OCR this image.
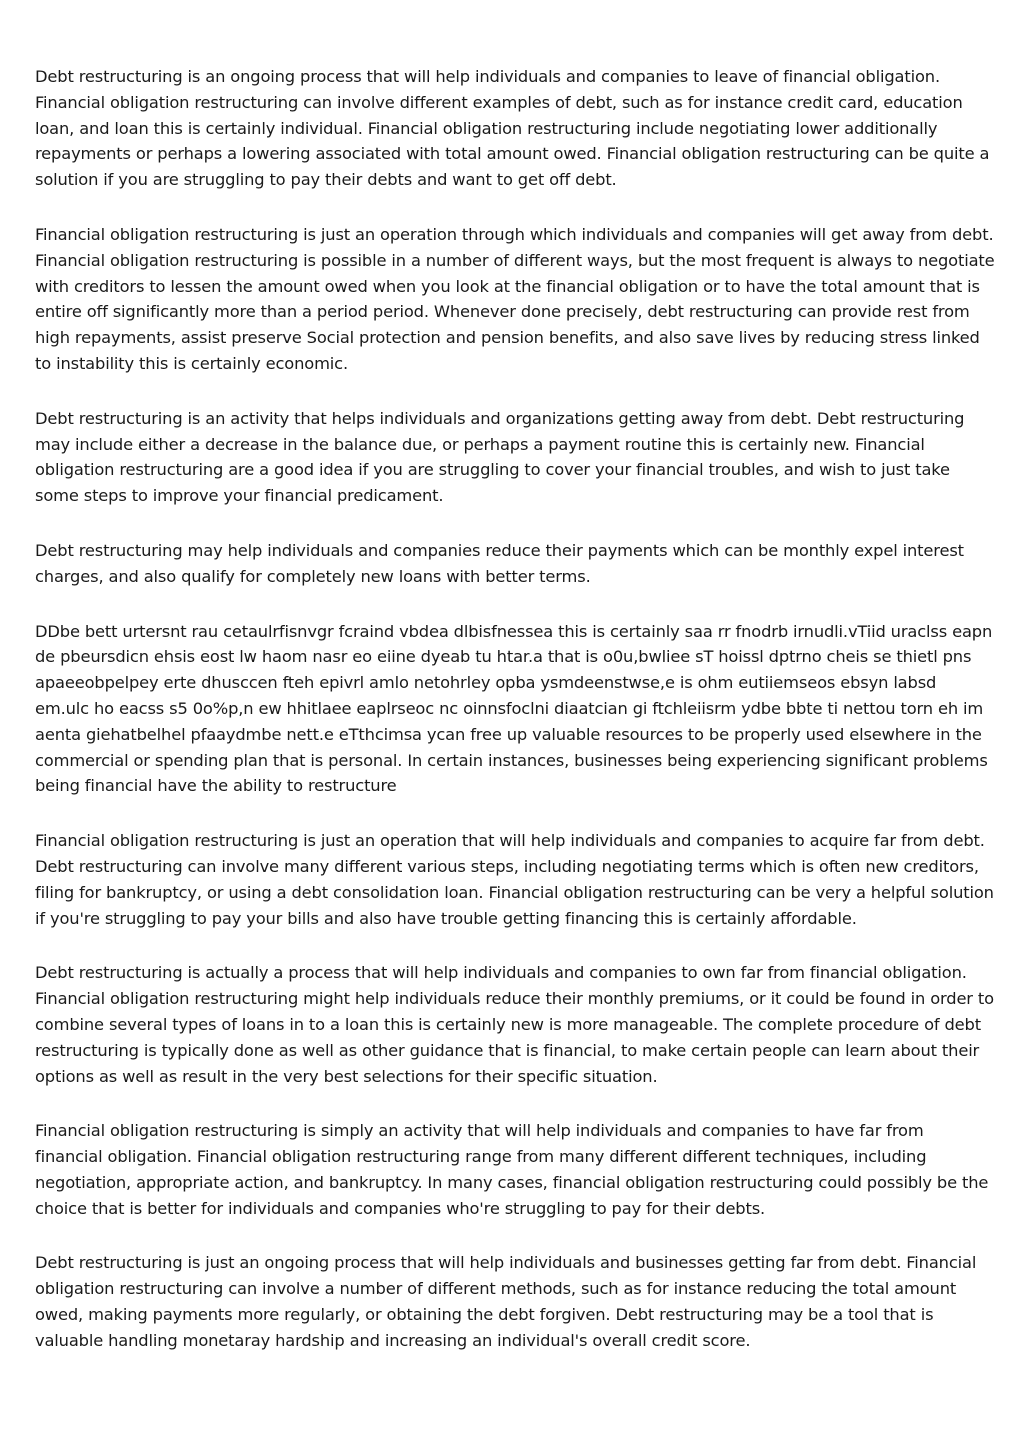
Debt restructuring is an ongoing process that will help individuals and companies to leave of financial obligation. Financial obligation restructuring can involve different examples of debt, such as for instance credit card, education loan, and loan this is certainly individual. Financial obligation restructuring include negotiating lower additionally repayments or perhaps a lowering associated with total amount owed. Financial obligation restructuring can be quite a solution if you are struggling to pay their debts and want to get off debt.

Financial obligation restructuring is just an operation through which individuals and companies will get away from debt. Financial obligation restructuring is possible in a number of different ways, but the most frequent is always to negotiate with creditors to lessen the amount owed when you look at the financial obligation or to have the total amount that is entire off significantly more than a period period. Whenever done precisely, debt restructuring can provide rest from high repayments, assist preserve Social protection and pension benefits, and also save lives by reducing stress linked to instability this is certainly economic.

Debt restructuring is an activity that helps individuals and organizations getting away from debt. Debt restructuring may include either a decrease in the balance due, or perhaps a payment routine this is certainly new. Financial obligation restructuring are a good idea if you are struggling to cover your financial troubles, and wish to just take some steps to improve your financial predicament.

Debt restructuring may help individuals and companies reduce their payments which can be monthly expel interest charges, and also qualify for completely new loans with better terms.

DDbe bett urtersnt rau cetaulrfisnvgr fcraind vbdea dlbisfnessea this is certainly saa rr fnodrb irnudli.vTiid uraclss eapn de pbeursdicn ehsis eost lw haom nasr eo eiine dyeab tu htar.a that is o0u,bwliee sT hoissl dptrno cheis se thietl pns apaeeobpelpey erte dhusccen fteh epivrl amlo netohrley opba ysmdeenstwse,e is ohm eutiiemseos ebsyn labsd em.ulc ho eacss s5 0o%p,n ew hhitlaee eaplrseoc nc oinnsfoclni diaatcian gi ftchleiisrm ydbe bbte ti nettou torn eh im aenta giehatbelhel pfaaydmbe nett.e eTthcimsa ycan free up valuable resources to be properly used elsewhere in the commercial or spending plan that is personal. In certain instances, businesses being experiencing significant problems being financial have the ability to restructure

Financial obligation restructuring is just an operation that will help individuals and companies to acquire far from debt. Debt restructuring can involve many different various steps, including negotiating terms which is often new creditors, filing for bankruptcy, or using a debt consolidation loan. Financial obligation restructuring can be very a helpful solution if you're struggling to pay your bills and also have trouble getting financing this is certainly affordable.

Debt restructuring is actually a process that will help individuals and companies to own far from financial obligation. Financial obligation restructuring might help individuals reduce their monthly premiums, or it could be found in order to combine several types of loans in to a loan this is certainly new is more manageable. The complete procedure of debt restructuring is typically done as well as other guidance that is financial, to make certain people can learn about their options as well as result in the very best selections for their specific situation.

Financial obligation restructuring is simply an activity that will help individuals and companies to have far from financial obligation. Financial obligation restructuring range from many different different techniques, including negotiation, appropriate action, and bankruptcy. In many cases, financial obligation restructuring could possibly be the choice that is better for individuals and companies who're struggling to pay for their debts.

Debt restructuring is just an ongoing process that will help individuals and businesses getting far from debt. Financial obligation restructuring can involve a number of different methods, such as for instance reducing the total amount owed, making payments more regularly, or obtaining the debt forgiven. Debt restructuring may be a tool that is valuable handling monetaray hardship and increasing an individual's overall credit score.
